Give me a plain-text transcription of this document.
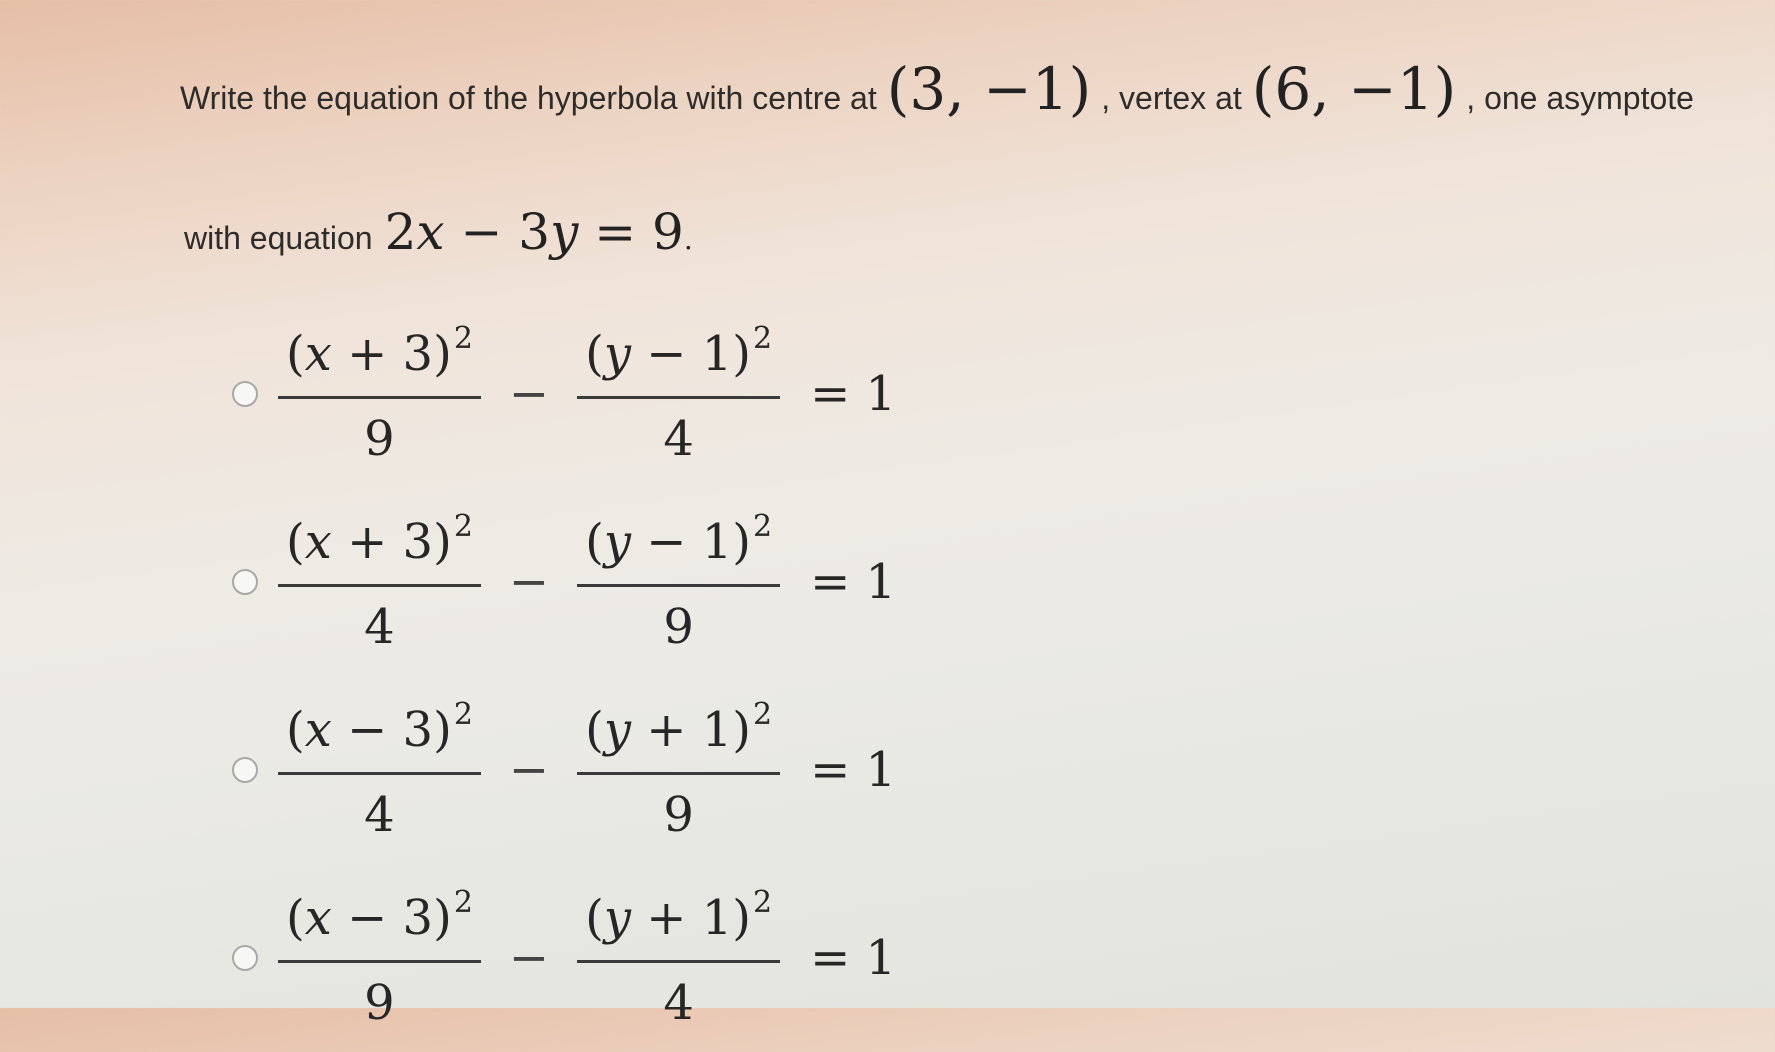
Write the equation of the hyperbola with centre at (3, −1) , vertex at (6, −1) , one asymptote
with equation 2x − 3y = 9.
$\frac{(x + 3)^2}{9} - \frac{(y - 1)^2}{4} = 1$
$\frac{(x + 3)^2}{4} - \frac{(y - 1)^2}{9} = 1$
$\frac{(x - 3)^2}{4} - \frac{(y + 1)^2}{9} = 1$
$\frac{(x - 3)^2}{9} - \frac{(y + 1)^2}{4} = 1$
